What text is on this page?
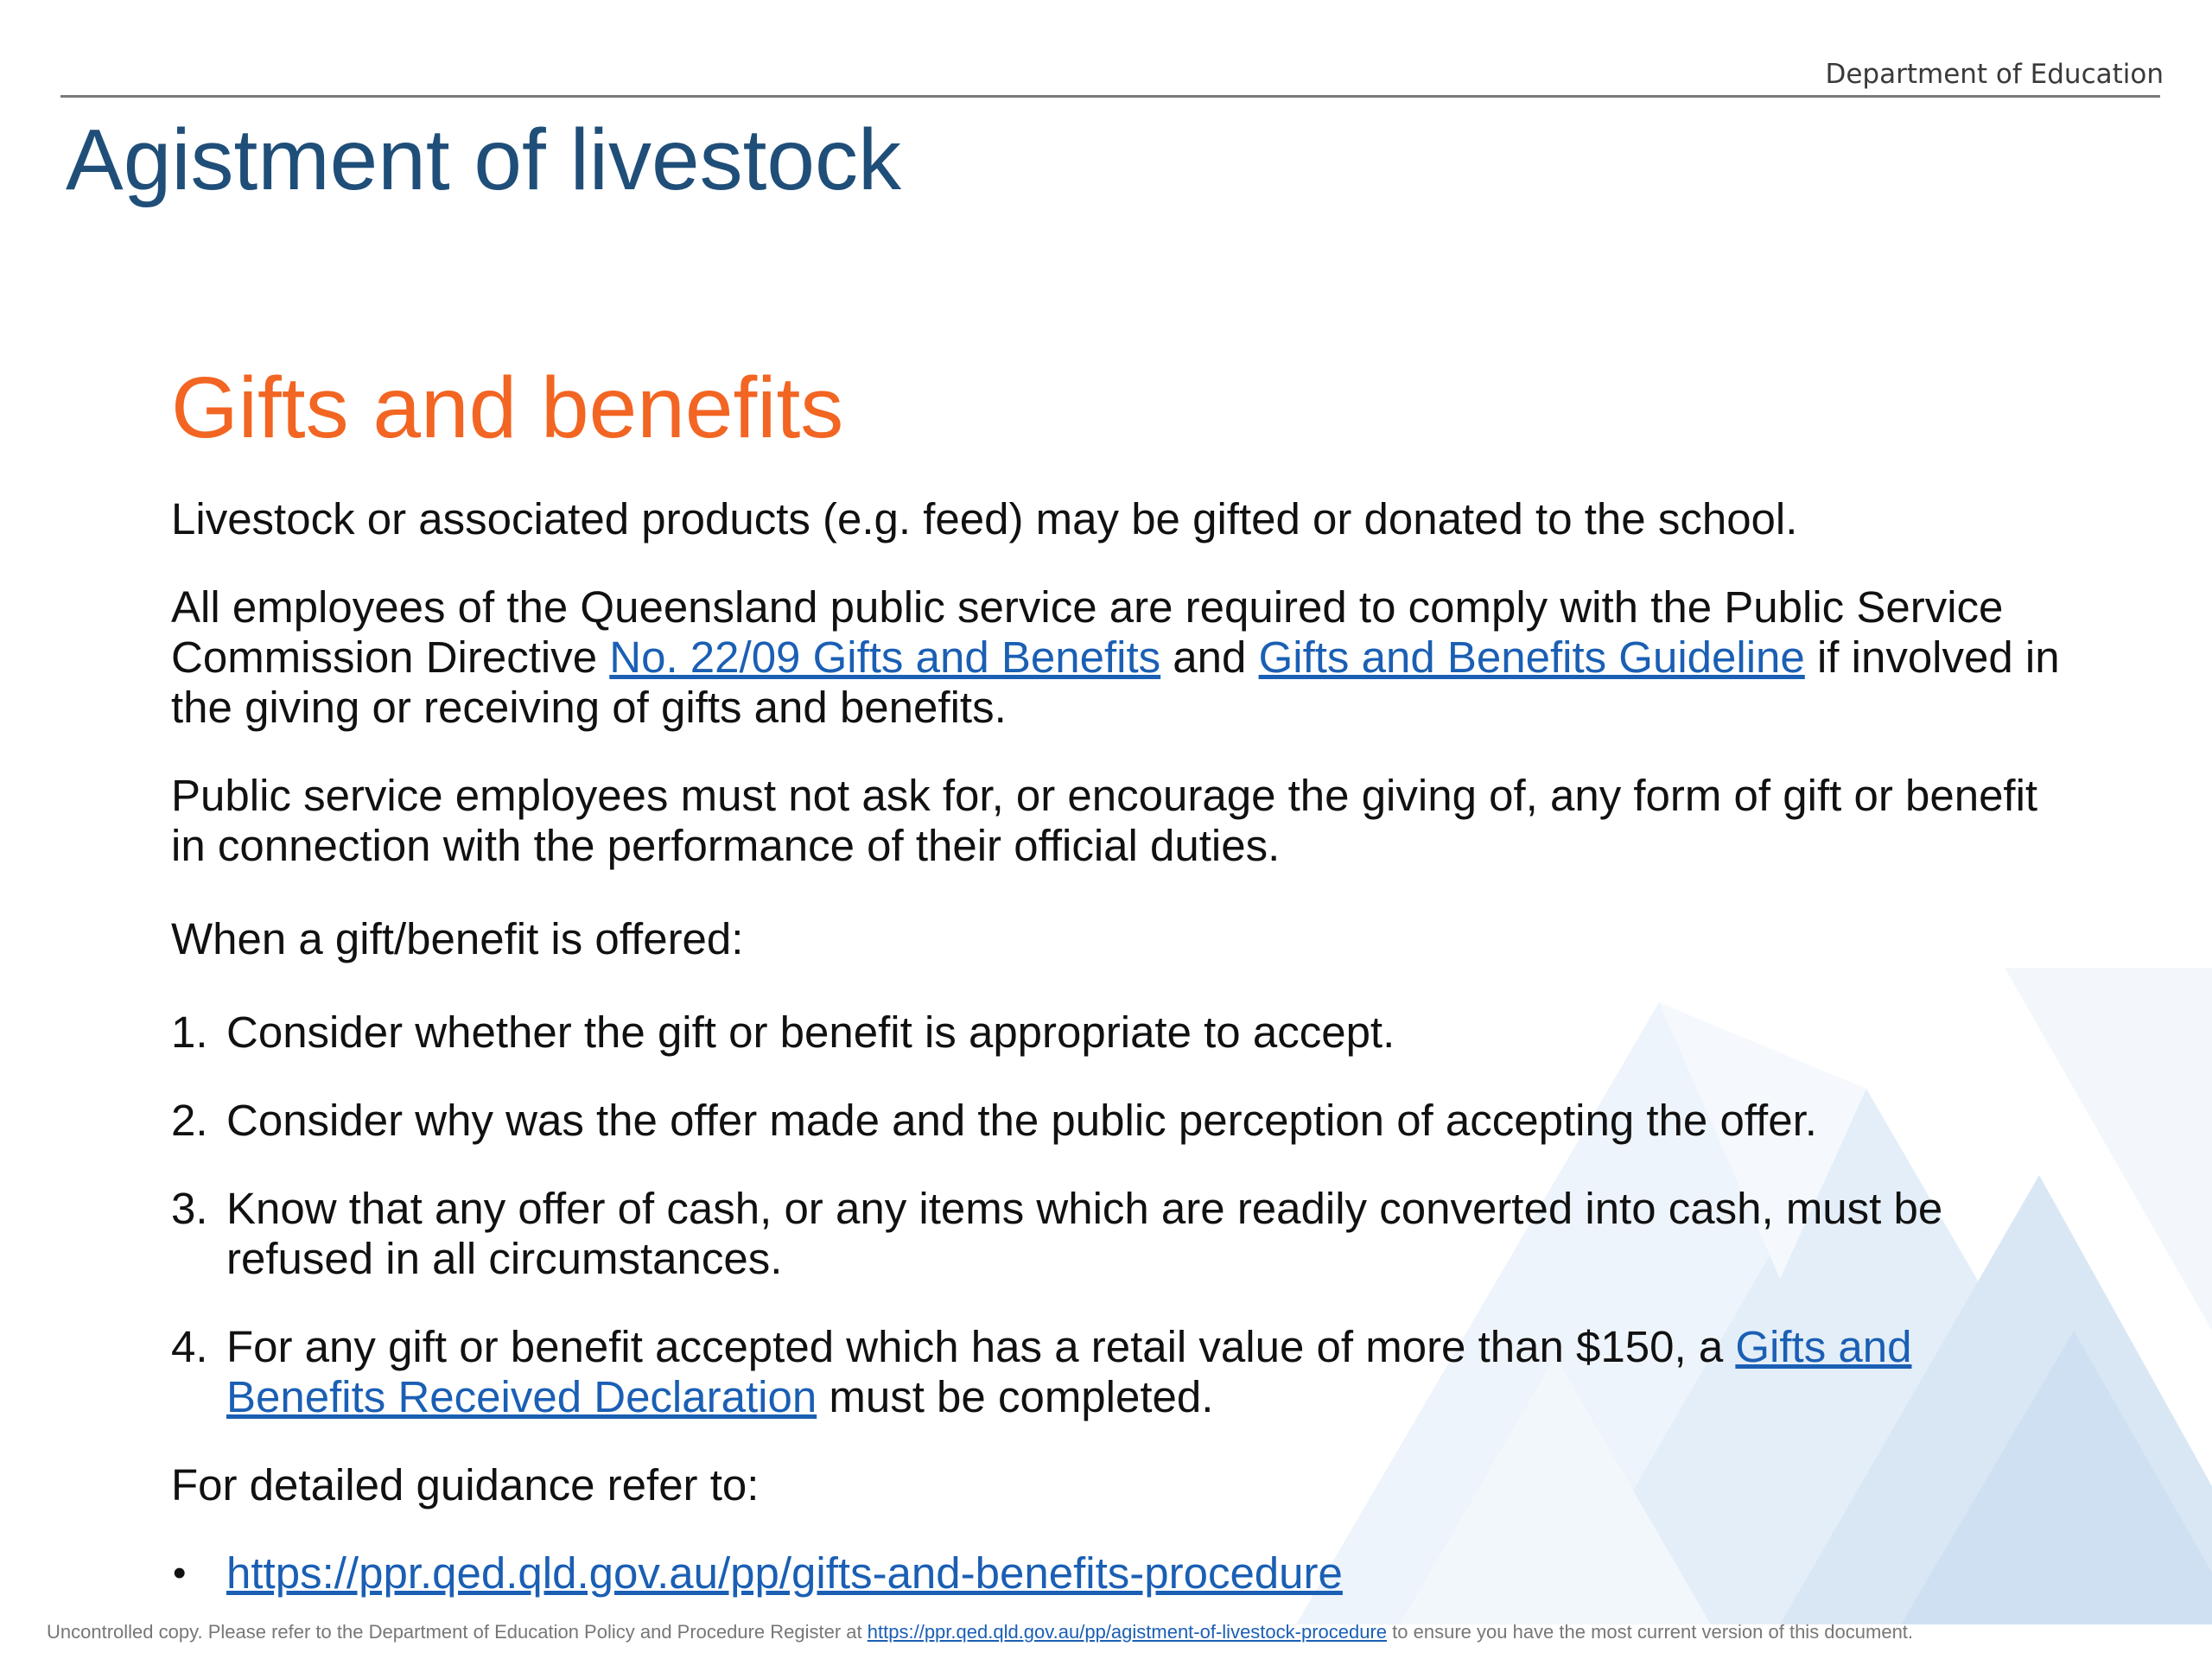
Department of Education
Agistment of livestock
Gifts and benefits

Livestock or associated products (e.g. feed) may be gifted or donated to the school.

All employees of the Queensland public service are required to comply with the Public Service Commission Directive No. 22/09 Gifts and Benefits and Gifts and Benefits Guideline if involved in the giving or receiving of gifts and benefits.

Public service employees must not ask for, or encourage the giving of, any form of gift or benefit in connection with the performance of their official duties.

When a gift/benefit is offered:

1. Consider whether the gift or benefit is appropriate to accept.
2. Consider why was the offer made and the public perception of accepting the offer.
3. Know that any offer of cash, or any items which are readily converted into cash, must be refused in all circumstances.
4. For any gift or benefit accepted which has a retail value of more than $150, a Gifts and Benefits Received Declaration must be completed.

For detailed guidance refer to:

• https://ppr.qed.qld.gov.au/pp/gifts-and-benefits-procedure
Uncontrolled copy. Please refer to the Department of Education Policy and Procedure Register at https://ppr.qed.qld.gov.au/pp/agistment-of-livestock-procedure to ensure you have the most current version of this document.
